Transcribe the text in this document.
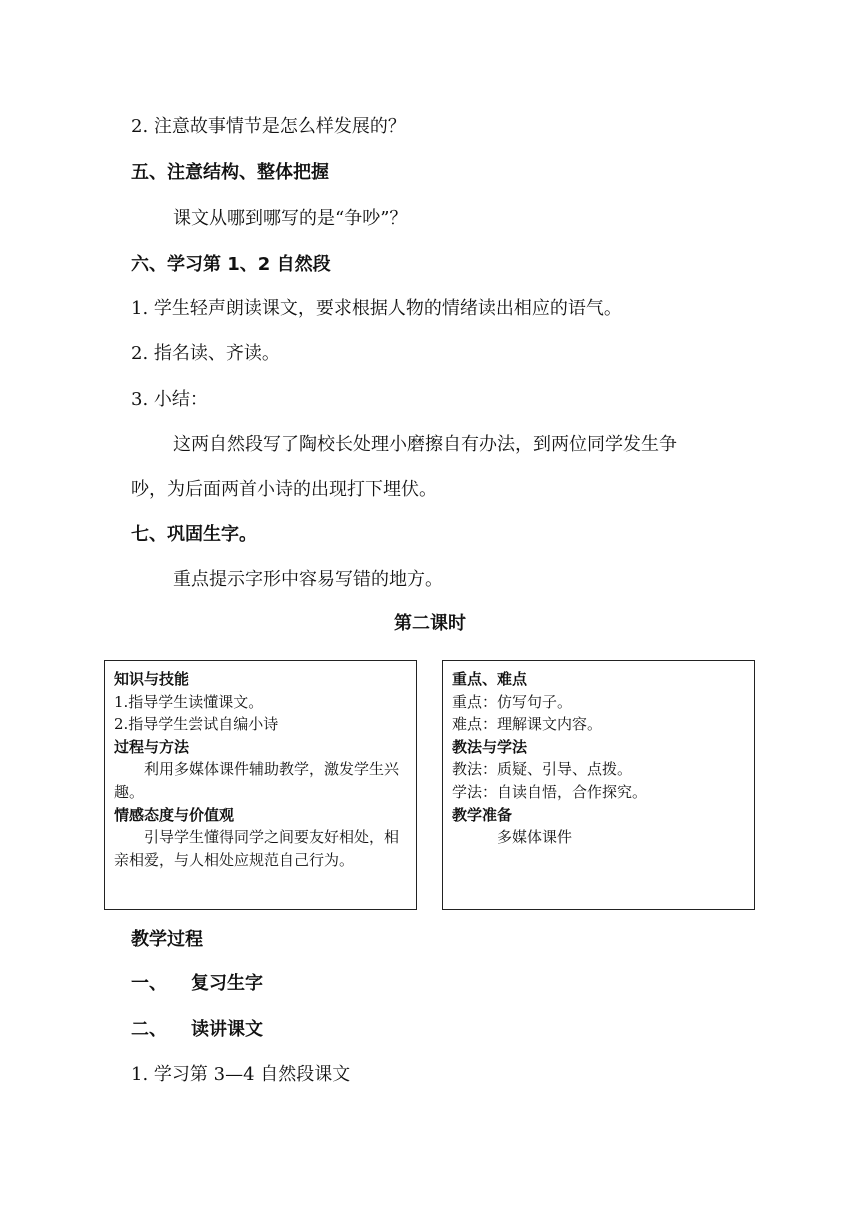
2. 注意故事情节是怎么样发展的？
五、注意结构、整体把握
课文从哪到哪写的是“争吵”？
六、学习第 1、2 自然段
1. 学生轻声朗读课文，要求根据人物的情绪读出相应的语气。
2. 指名读、齐读。
3. 小结：
这两自然段写了陶校长处理小磨擦自有办法，到两位同学发生争
吵，为后面两首小诗的出现打下埋伏。
七、巩固生字。
重点提示字形中容易写错的地方。
第二课时

知识与技能

1.指导学生读懂课文。

2.指导学生尝试自编小诗

过程与方法

利用多媒体课件辅助教学，激发学生兴趣。

情感态度与价值观

引导学生懂得同学之间要友好相处，相亲相爱，与人相处应规范自己行为。

重点、难点

重点：仿写句子。

难点：理解课文内容。

教法与学法

教法：质疑、引导、点拨。

学法：自读自悟，合作探究。

教学准备

多媒体课件

教学过程
一、 复习生字
二、 读讲课文
1. 学习第 3—4 自然段课文
